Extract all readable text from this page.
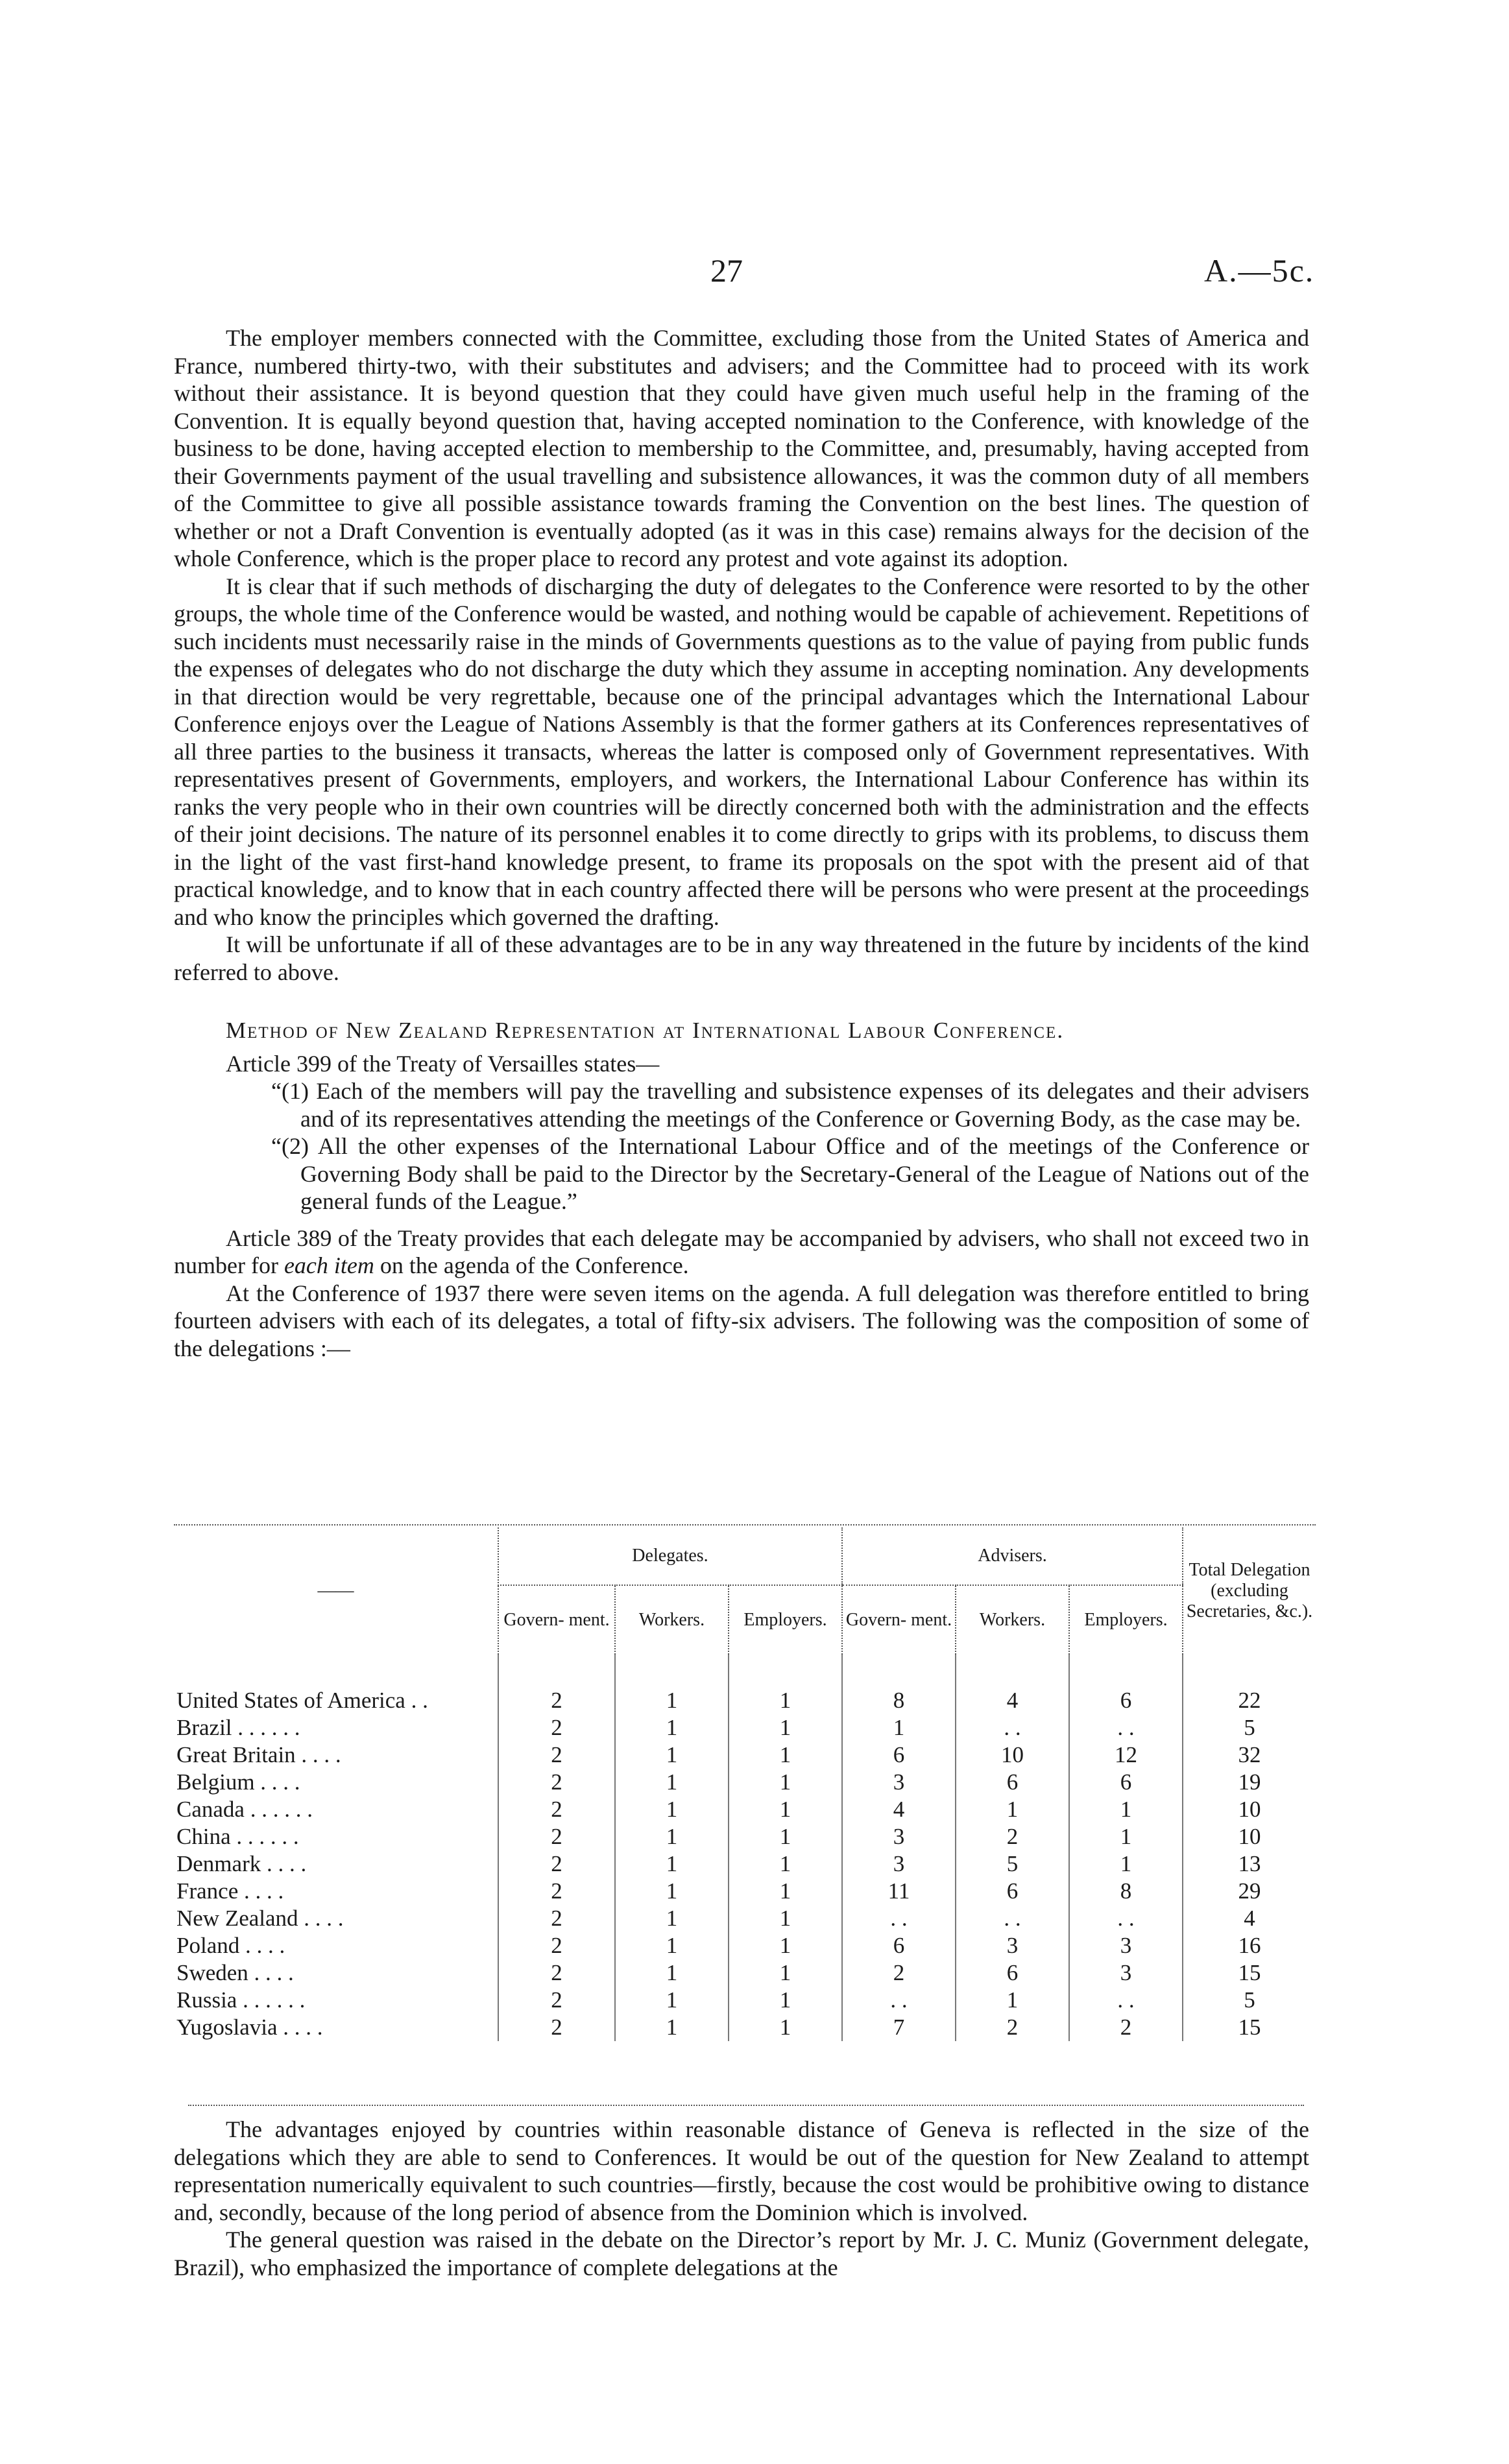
27	A.—5c.

The employer members connected with the Committee, excluding those from the United States of America and France, numbered thirty-two, with their substitutes and advisers; and the Committee had to proceed with its work without their assistance. It is beyond question that they could have given much useful help in the framing of the Convention. It is equally beyond question that, having accepted nomination to the Conference, with knowledge of the business to be done, having accepted election to membership to the Committee, and, presumably, having accepted from their Governments payment of the usual travelling and subsistence allowances, it was the common duty of all members of the Committee to give all possible assistance towards framing the Convention on the best lines. The question of whether or not a Draft Convention is eventually adopted (as it was in this case) remains always for the decision of the whole Conference, which is the proper place to record any protest and vote against its adoption.

It is clear that if such methods of discharging the duty of delegates to the Conference were resorted to by the other groups, the whole time of the Conference would be wasted, and nothing would be capable of achievement. Repetitions of such incidents must necessarily raise in the minds of Governments questions as to the value of paying from public funds the expenses of delegates who do not discharge the duty which they assume in accepting nomination. Any developments in that direction would be very regrettable, because one of the principal advantages which the International Labour Conference enjoys over the League of Nations Assembly is that the former gathers at its Conferences representatives of all three parties to the business it transacts, whereas the latter is composed only of Government representatives. With representatives present of Governments, employers, and workers, the International Labour Conference has within its ranks the very people who in their own countries will be directly concerned both with the administration and the effects of their joint decisions. The nature of its personnel enables it to come directly to grips with its problems, to discuss them in the light of the vast first-hand knowledge present, to frame its proposals on the spot with the present aid of that practical knowledge, and to know that in each country affected there will be persons who were present at the proceedings and who know the principles which governed the drafting.

It will be unfortunate if all of these advantages are to be in any way threatened in the future by incidents of the kind referred to above.

Method of New Zealand Representation at International Labour Conference.

Article 399 of the Treaty of Versailles states—

“(1) Each of the members will pay the travelling and subsistence expenses of its delegates and their advisers and of its representatives attending the meetings of the Conference or Governing Body, as the case may be.

“(2) All the other expenses of the International Labour Office and of the meetings of the Conference or Governing Body shall be paid to the Director by the Secretary-General of the League of Nations out of the general funds of the League.”

Article 389 of the Treaty provides that each delegate may be accompanied by advisers, who shall not exceed two in number for each item on the agenda of the Conference.

At the Conference of 1937 there were seven items on the agenda. A full delegation was therefore entitled to bring fourteen advisers with each of its delegates, a total of fifty-six advisers. The following was the composition of some of the delegations :—

——	Delegates.			Advisers.			Total Delegation (excluding Secretaries, &c.).
	Govern- ment.	Workers.	Employers.	Govern- ment.	Workers.	Employers.	

United States of America . .	2	1	1	8	4	6	22
Brazil . . . . . .	2	1	1	1	. .	. .	5
Great Britain . . . .	2	1	1	6	10	12	32
Belgium . . . .	2	1	1	3	6	6	19
Canada . . . . . .	2	1	1	4	1	1	10
China . . . . . .	2	1	1	3	2	1	10
Denmark . . . .	2	1	1	3	5	1	13
France . . . .	2	1	1	11	6	8	29
New Zealand . . . .	2	1	1	. .	. .	. .	4
Poland . . . .	2	1	1	6	3	3	16
Sweden . . . .	2	1	1	2	6	3	15
Russia . . . . . .	2	1	1	. .	1	. .	5
Yugoslavia . . . .	2	1	1	7	2	2	15

The advantages enjoyed by countries within reasonable distance of Geneva is reflected in the size of the delegations which they are able to send to Conferences. It would be out of the question for New Zealand to attempt representation numerically equivalent to such countries—firstly, because the cost would be prohibitive owing to distance and, secondly, because of the long period of absence from the Dominion which is involved.

The general question was raised in the debate on the Director’s report by Mr. J. C. Muniz (Government delegate, Brazil), who emphasized the importance of complete delegations at the
